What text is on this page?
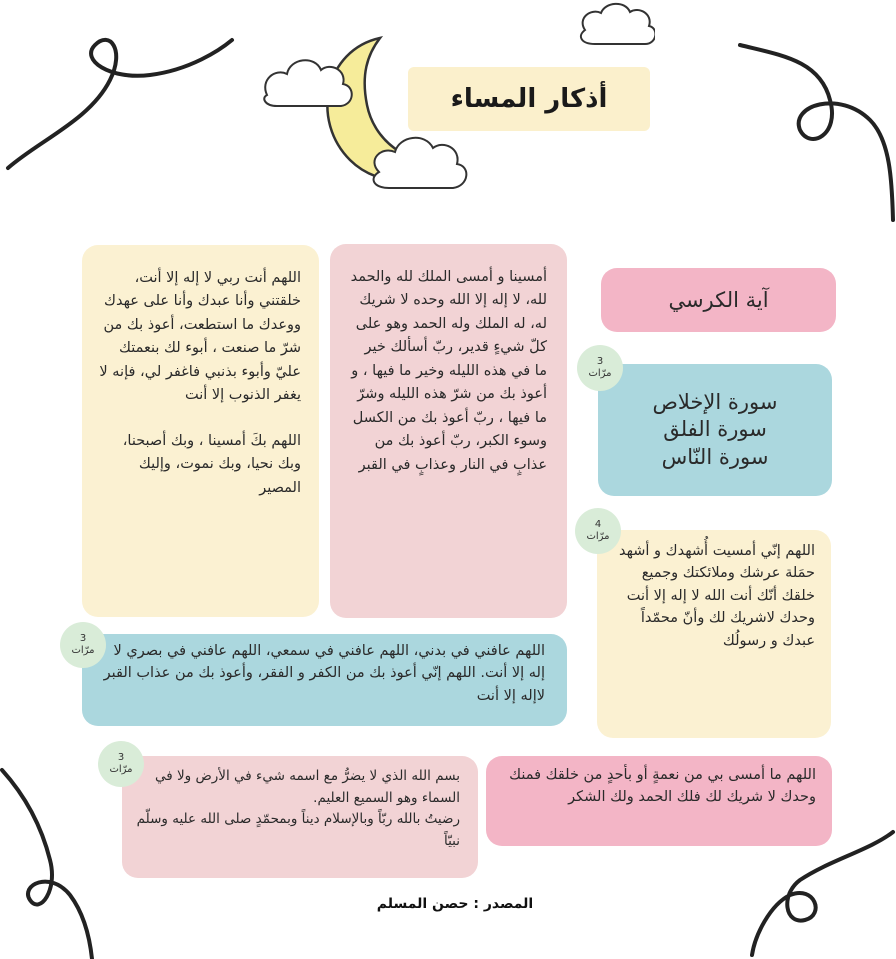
أذكار المساء
آية الكرسي
سورة الإخلاص
سورة الفلق
سورة النّاس
3
مرّات

أمسينا و أمسى الملك لله والحمد لله، لا إله إلا الله وحده لا شريك له، له الملك وله الحمد وهو على كلّ شيءٍ قدير، ربّ أسألك خير ما في هذه الليله وخير ما فيها ، و أعوذ بك من شرّ هذه الليله وشرّ ما فيها ، ربّ أعوذ بك من الكسل وسوء الكبر، ربّ أعوذ بك من عذابٍ في النار وعذابٍ في القبر

اللهم أنت ربي لا إله إلا أنت، خلقتني وأنا عبدك وأنا على عهدك ووعدك ما استطعت، أعوذ بك من شرّ ما صنعت ، أبوء لك بنعمتك عليّ وأبوء بذنبي فاغفر لي، فإنه لا يغفر الذنوب إلا أنت

اللهم بكَ أمسينا ، وبك أصبحنا، وبك نحيا، وبك نموت، وإليك المصير

اللهم إنّي أمسيت أُشهدك و أشهد حمَلة عرشك وملائكتك وجميع خلقك أنّك أنت الله لا إله إلا أنت وحدك لاشريك لك وأنّ محمّداً عبدك و رسولُك

4
مرّات

اللهم عافني في بدني، اللهم عافني في سمعي، اللهم عافني في بصري لا إله إلا أنت. اللهم إنّي أعوذ بك من الكفر و الفقر، وأعوذ بك من عذاب القبر لاإله إلا أنت

3
مرّات

بسم الله الذي لا يضرُّ مع اسمه شيء في الأرض ولا في السماء وهو السميع العليم.

رضيتُ بالله ربّاً وبالإسلام ديناً وبمحمّدٍ صلى الله عليه وسلّم نبيّاً

3
مرّات	اللهم ما أمسى بي من نعمةٍ أو بأحدٍ من خلقك فمنك وحدك لا شريك لك فلك الحمد ولك الشكر

المصدر : حصن المسلم
